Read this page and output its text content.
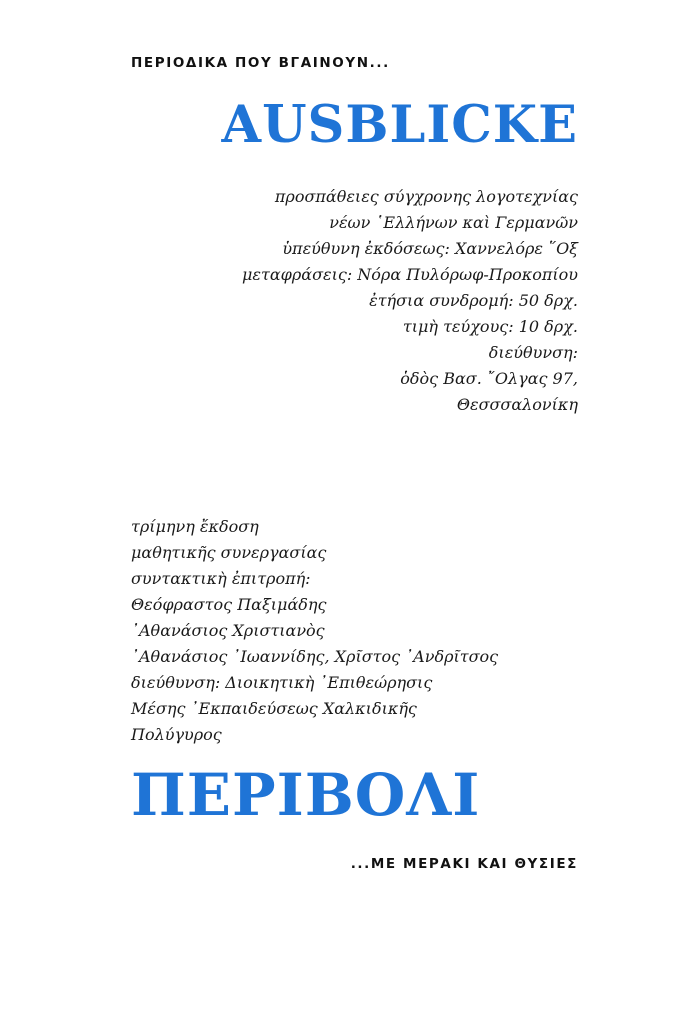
ΠΕΡΙΟΔΙΚΑ ΠΟΥ ΒΓΑΙΝΟΥΝ...
AUSBLICKE
προσπάθειες σύγχρονης λογοτεχνίας
νέων ῾Ελλήνων καὶ Γερμανῶν
ὑπεύθυνη ἐκδόσεως: Χαννελόρε ῞Οξ
μεταφράσεις: Νόρα Πυλόρωφ-Προκοπίου
ἐτήσια συνδρομή: 50 δρχ.
τιμὴ τεύχους: 10 δρχ.
διεύθυνση:
ὁδὸς Βασ. ῎Ολγας 97,
Θεσσσαλονίκη
τρίμηνη ἔκδοση
μαθητικῆς συνεργασίας
συντακτικὴ ἐπιτροπή:
Θεόφραστος Παξιμάδης
᾿Αθανάσιος Χριστιανὸς
᾿Αθανάσιος ᾿Ιωαννίδης, Χρῖστος ᾿Ανδρῖτσος
διεύθυνση: Διοικητικὴ ᾿Επιθεώρησις
Μέσης ᾿Εκπαιδεύσεως Χαλκιδικῆς
Πολύγυρος
ΠΕΡΙΒΟΛΙ
...ΜΕ ΜΕΡΑΚΙ ΚΑΙ ΘΥΣΙΕΣ
